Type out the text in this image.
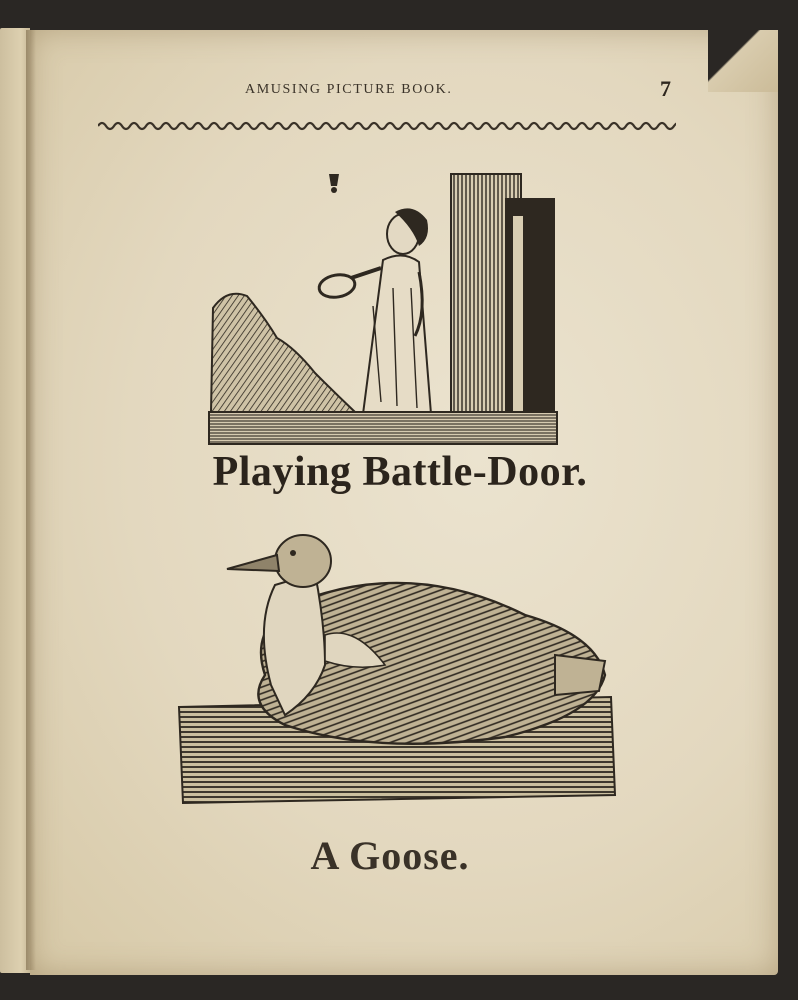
AMUSING PICTURE BOOK.	7
Playing Battle-Door.
A Goose.
